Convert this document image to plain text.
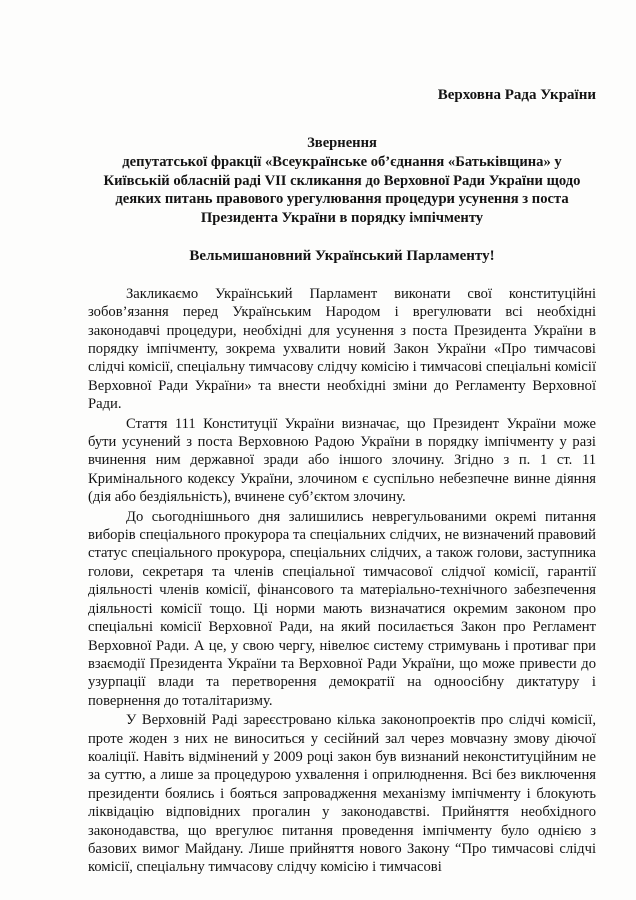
Верховна Рада України

Звернення
депутатської фракції «Всеукраїнське об’єднання «Батьківщина» у Київській обласній раді VII скликання до Верховної Ради України щодо деяких питань правового урегулювання процедури усунення з поста Президента України в порядку імпічменту
Вельмишановний Український Парламенту!

Закликаємо Український Парламент виконати свої конституційні зобов’язання перед Українським Народом і врегулювати всі необхідні законодавчі процедури, необхідні для усунення з поста Президента України в порядку імпічменту, зокрема ухвалити новий Закон України «Про тимчасові слідчі комісії, спеціальну тимчасову слідчу комісію і тимчасові спеціальні комісії Верховної Ради України» та внести необхідні зміни до Регламенту Верховної Ради.

Стаття 111 Конституції України визначає, що Президент України може бути усунений з поста Верховною Радою України в порядку імпічменту у разі вчинення ним державної зради або іншого злочину. Згідно з п. 1 ст. 11 Кримінального кодексу України, злочином є суспільно небезпечне винне діяння (дія або бездіяльність), вчинене суб’єктом злочину.

До сьогоднішнього дня залишились неврегульованими окремі питання виборів спеціального прокурора та спеціальних слідчих, не визначений правовий статус спеціального прокурора, спеціальних слідчих, а також голови, заступника голови, секретаря та членів спеціальної тимчасової слідчої комісії, гарантії діяльності членів комісії, фінансового та матеріально-технічного забезпечення діяльності комісії тощо. Ці норми мають визначатися окремим законом про спеціальні комісії Верховної Ради, на який посилається Закон про Регламент Верховної Ради. А це, у свою чергу, нівелює систему стримувань і противаг при взаємодії Президента України та Верховної Ради України, що може привести до узурпації влади та перетворення демократії на одноосібну диктатуру і повернення до тоталітаризму.

У Верховній Раді зареєстровано кілька законопроектів про слідчі комісії, проте жоден з них не виноситься у сесійний зал через мовчазну змову діючої коаліції. Навіть відмінений у 2009 році закон був визнаний неконституційним не за суттю, а лише за процедурою ухвалення і оприлюднення. Всі без виключення президенти боялись і бояться запровадження механізму імпічменту і блокують ліквідацію відповідних прогалин у законодавстві. Прийняття необхідного законодавства, що врегулює питання проведення імпічменту було однією з базових вимог Майдану. Лише прийняття нового Закону “Про тимчасові слідчі комісії, спеціальну тимчасову слідчу комісію і тимчасові
